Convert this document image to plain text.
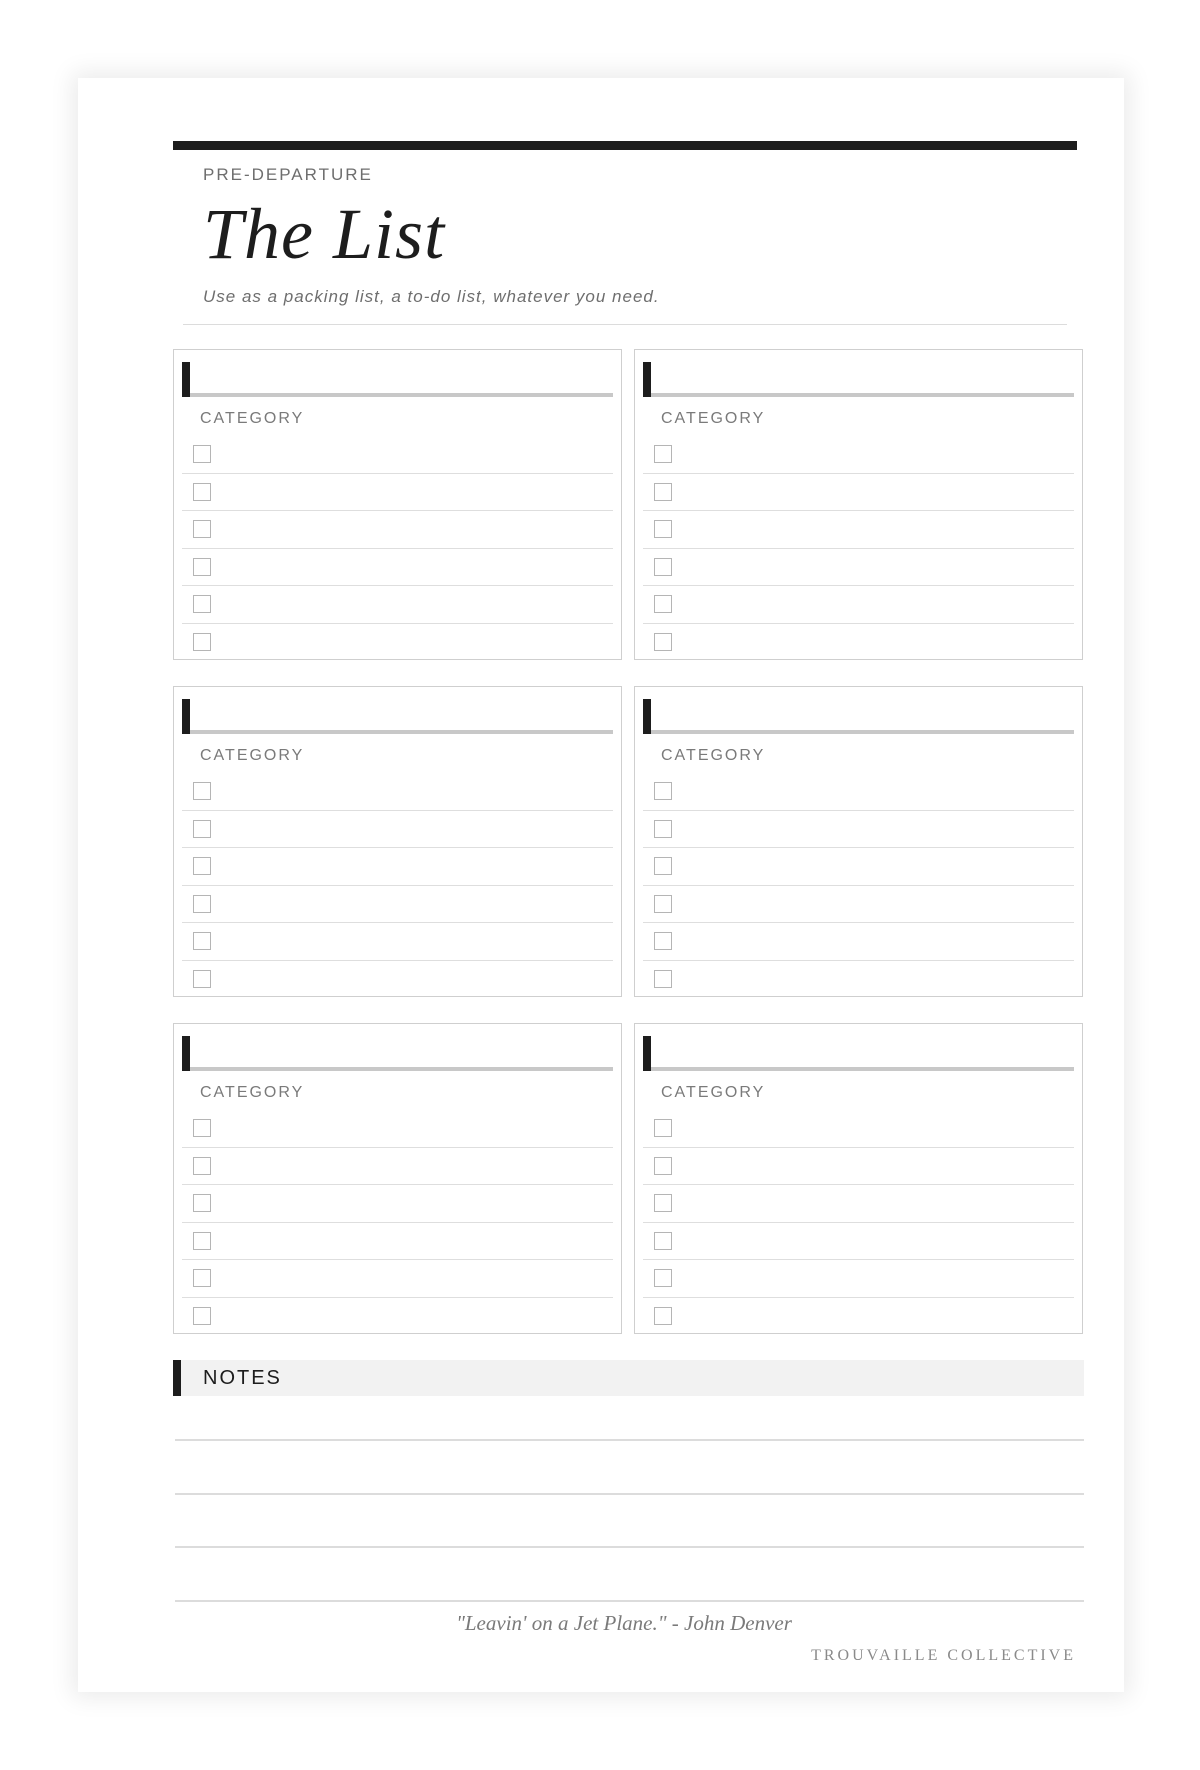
PRE-DEPARTURE
The List
Use as a packing list, a to-do list, whatever you need.
CATEGORY	CATEGORY
CATEGORY	CATEGORY
CATEGORY	CATEGORY
NOTES
"Leavin' on a Jet Plane." - John Denver
TROUVAILLE COLLECTIVE
